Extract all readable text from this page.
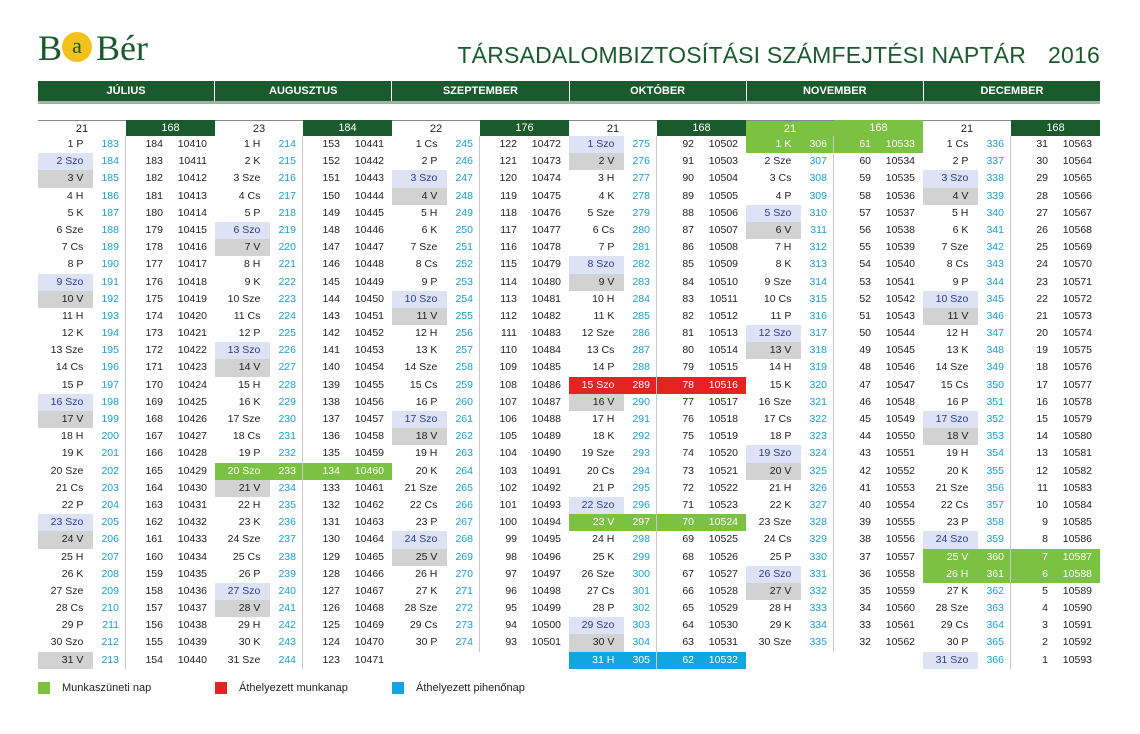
B a Bér	TÁRSADALOMBIZTOSÍTÁSI SZÁMFEJTÉSI NAPTÁR 2016
JÚLIUS	AUGUSZTUS	SZEPTEMBER	OKTÓBER	NOVEMBER	DECEMBER
21	168
1 P	183	184	10410
2 Szo	184	183	10411
3 V	185	182	10412
4 H	186	181	10413
5 K	187	180	10414
6 Sze	188	179	10415
7 Cs	189	178	10416
8 P	190	177	10417
9 Szo	191	176	10418
10 V	192	175	10419
11 H	193	174	10420
12 K	194	173	10421
13 Sze	195	172	10422
14 Cs	196	171	10423
15 P	197	170	10424
16 Szo	198	169	10425
17 V	199	168	10426
18 H	200	167	10427
19 K	201	166	10428
20 Sze	202	165	10429
21 Cs	203	164	10430
22 P	204	163	10431
23 Szo	205	162	10432
24 V	206	161	10433
25 H	207	160	10434
26 K	208	159	10435
27 Sze	209	158	10436
28 Cs	210	157	10437
29 P	211	156	10438
30 Szo	212	155	10439
31 V	213	154	10440
23	184
1 H	214	153	10441
2 K	215	152	10442
3 Sze	216	151	10443
4 Cs	217	150	10444
5 P	218	149	10445
6 Szo	219	148	10446
7 V	220	147	10447
8 H	221	146	10448
9 K	222	145	10449
10 Sze	223	144	10450
11 Cs	224	143	10451
12 P	225	142	10452
13 Szo	226	141	10453
14 V	227	140	10454
15 H	228	139	10455
16 K	229	138	10456
17 Sze	230	137	10457
18 Cs	231	136	10458
19 P	232	135	10459
20 Szo	233	134	10460
21 V	234	133	10461
22 H	235	132	10462
23 K	236	131	10463
24 Sze	237	130	10464
25 Cs	238	129	10465
26 P	239	128	10466
27 Szo	240	127	10467
28 V	241	126	10468
29 H	242	125	10469
30 K	243	124	10470
31 Sze	244	123	10471
22	176
1 Cs	245	122	10472
2 P	246	121	10473
3 Szo	247	120	10474
4 V	248	119	10475
5 H	249	118	10476
6 K	250	117	10477
7 Sze	251	116	10478
8 Cs	252	115	10479
9 P	253	114	10480
10 Szo	254	113	10481
11 V	255	112	10482
12 H	256	111	10483
13 K	257	110	10484
14 Sze	258	109	10485
15 Cs	259	108	10486
16 P	260	107	10487
17 Szo	261	106	10488
18 V	262	105	10489
19 H	263	104	10490
20 K	264	103	10491
21 Sze	265	102	10492
22 Cs	266	101	10493
23 P	267	100	10494
24 Szo	268	99	10495
25 V	269	98	10496
26 H	270	97	10497
27 K	271	96	10498
28 Sze	272	95	10499
29 Cs	273	94	10500
30 P	274	93	10501
21	168
1 Szo	275	92	10502
2 V	276	91	10503
3 H	277	90	10504
4 K	278	89	10505
5 Sze	279	88	10506
6 Cs	280	87	10507
7 P	281	86	10508
8 Szo	282	85	10509
9 V	283	84	10510
10 H	284	83	10511
11 K	285	82	10512
12 Sze	286	81	10513
13 Cs	287	80	10514
14 P	288	79	10515
15 Szo	289	78	10516
16 V	290	77	10517
17 H	291	76	10518
18 K	292	75	10519
19 Sze	293	74	10520
20 Cs	294	73	10521
21 P	295	72	10522
22 Szo	296	71	10523
23 V	297	70	10524
24 H	298	69	10525
25 K	299	68	10526
26 Sze	300	67	10527
27 Cs	301	66	10528
28 P	302	65	10529
29 Szo	303	64	10530
30 V	304	63	10531
31 H	305	62	10532
21	168
1 K	306	61	10533
2 Sze	307	60	10534
3 Cs	308	59	10535
4 P	309	58	10536
5 Szo	310	57	10537
6 V	311	56	10538
7 H	312	55	10539
8 K	313	54	10540
9 Sze	314	53	10541
10 Cs	315	52	10542
11 P	316	51	10543
12 Szo	317	50	10544
13 V	318	49	10545
14 H	319	48	10546
15 K	320	47	10547
16 Sze	321	46	10548
17 Cs	322	45	10549
18 P	323	44	10550
19 Szo	324	43	10551
20 V	325	42	10552
21 H	326	41	10553
22 K	327	40	10554
23 Sze	328	39	10555
24 Cs	329	38	10556
25 P	330	37	10557
26 Szo	331	36	10558
27 V	332	35	10559
28 H	333	34	10560
29 K	334	33	10561
30 Sze	335	32	10562
21	168
1 Cs	336	31	10563
2 P	337	30	10564
3 Szo	338	29	10565
4 V	339	28	10566
5 H	340	27	10567
6 K	341	26	10568
7 Sze	342	25	10569
8 Cs	343	24	10570
9 P	344	23	10571
10 Szo	345	22	10572
11 V	346	21	10573
12 H	347	20	10574
13 K	348	19	10575
14 Sze	349	18	10576
15 Cs	350	17	10577
16 P	351	16	10578
17 Szo	352	15	10579
18 V	353	14	10580
19 H	354	13	10581
20 K	355	12	10582
21 Sze	356	11	10583
22 Cs	357	10	10584
23 P	358	9	10585
24 Szo	359	8	10586
25 V	360	7	10587
26 H	361	6	10588
27 K	362	5	10589
28 Sze	363	4	10590
29 Cs	364	3	10591
30 P	365	2	10592
31 Szo	366	1	10593
Munkaszüneti nap	Áthelyezett munkanap	Áthelyezett pihenőnap
